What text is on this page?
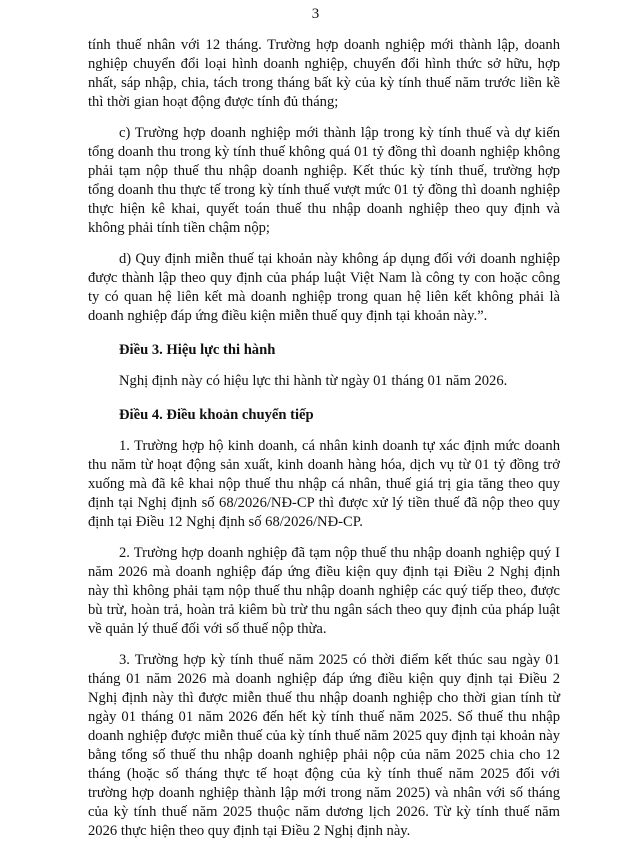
3

tính thuế nhân với 12 tháng. Trường hợp doanh nghiệp mới thành lập, doanh nghiệp chuyển đổi loại hình doanh nghiệp, chuyển đổi hình thức sở hữu, hợp nhất, sáp nhập, chia, tách trong tháng bất kỳ của kỳ tính thuế năm trước liền kề thì thời gian hoạt động được tính đủ tháng;

c) Trường hợp doanh nghiệp mới thành lập trong kỳ tính thuế và dự kiến tổng doanh thu trong kỳ tính thuế không quá 01 tỷ đồng thì doanh nghiệp không phải tạm nộp thuế thu nhập doanh nghiệp. Kết thúc kỳ tính thuế, trường hợp tổng doanh thu thực tế trong kỳ tính thuế vượt mức 01 tỷ đồng thì doanh nghiệp thực hiện kê khai, quyết toán thuế thu nhập doanh nghiệp theo quy định và không phải tính tiền chậm nộp;

d) Quy định miễn thuế tại khoản này không áp dụng đối với doanh nghiệp được thành lập theo quy định của pháp luật Việt Nam là công ty con hoặc công ty có quan hệ liên kết mà doanh nghiệp trong quan hệ liên kết không phải là doanh nghiệp đáp ứng điều kiện miễn thuế quy định tại khoản này.”.

Điều 3. Hiệu lực thi hành

Nghị định này có hiệu lực thi hành từ ngày 01 tháng 01 năm 2026.

Điều 4. Điều khoản chuyển tiếp

1. Trường hợp hộ kinh doanh, cá nhân kinh doanh tự xác định mức doanh thu năm từ hoạt động sản xuất, kinh doanh hàng hóa, dịch vụ từ 01 tỷ đồng trở xuống mà đã kê khai nộp thuế thu nhập cá nhân, thuế giá trị gia tăng theo quy định tại Nghị định số 68/2026/NĐ-CP thì được xử lý tiền thuế đã nộp theo quy định tại Điều 12 Nghị định số 68/2026/NĐ-CP.

2. Trường hợp doanh nghiệp đã tạm nộp thuế thu nhập doanh nghiệp quý I năm 2026 mà doanh nghiệp đáp ứng điều kiện quy định tại Điều 2 Nghị định này thì không phải tạm nộp thuế thu nhập doanh nghiệp các quý tiếp theo, được bù trừ, hoàn trả, hoàn trả kiêm bù trừ thu ngân sách theo quy định của pháp luật về quản lý thuế đối với số thuế nộp thừa.

3. Trường hợp kỳ tính thuế năm 2025 có thời điểm kết thúc sau ngày 01 tháng 01 năm 2026 mà doanh nghiệp đáp ứng điều kiện quy định tại Điều 2 Nghị định này thì được miễn thuế thu nhập doanh nghiệp cho thời gian tính từ ngày 01 tháng 01 năm 2026 đến hết kỳ tính thuế năm 2025. Số thuế thu nhập doanh nghiệp được miễn thuế của kỳ tính thuế năm 2025 quy định tại khoản này bằng tổng số thuế thu nhập doanh nghiệp phải nộp của năm 2025 chia cho 12 tháng (hoặc số tháng thực tế hoạt động của kỳ tính thuế năm 2025 đối với trường hợp doanh nghiệp thành lập mới trong năm 2025) và nhân với số tháng của kỳ tính thuế năm 2025 thuộc năm dương lịch 2026. Từ kỳ tính thuế năm 2026 thực hiện theo quy định tại Điều 2 Nghị định này.
